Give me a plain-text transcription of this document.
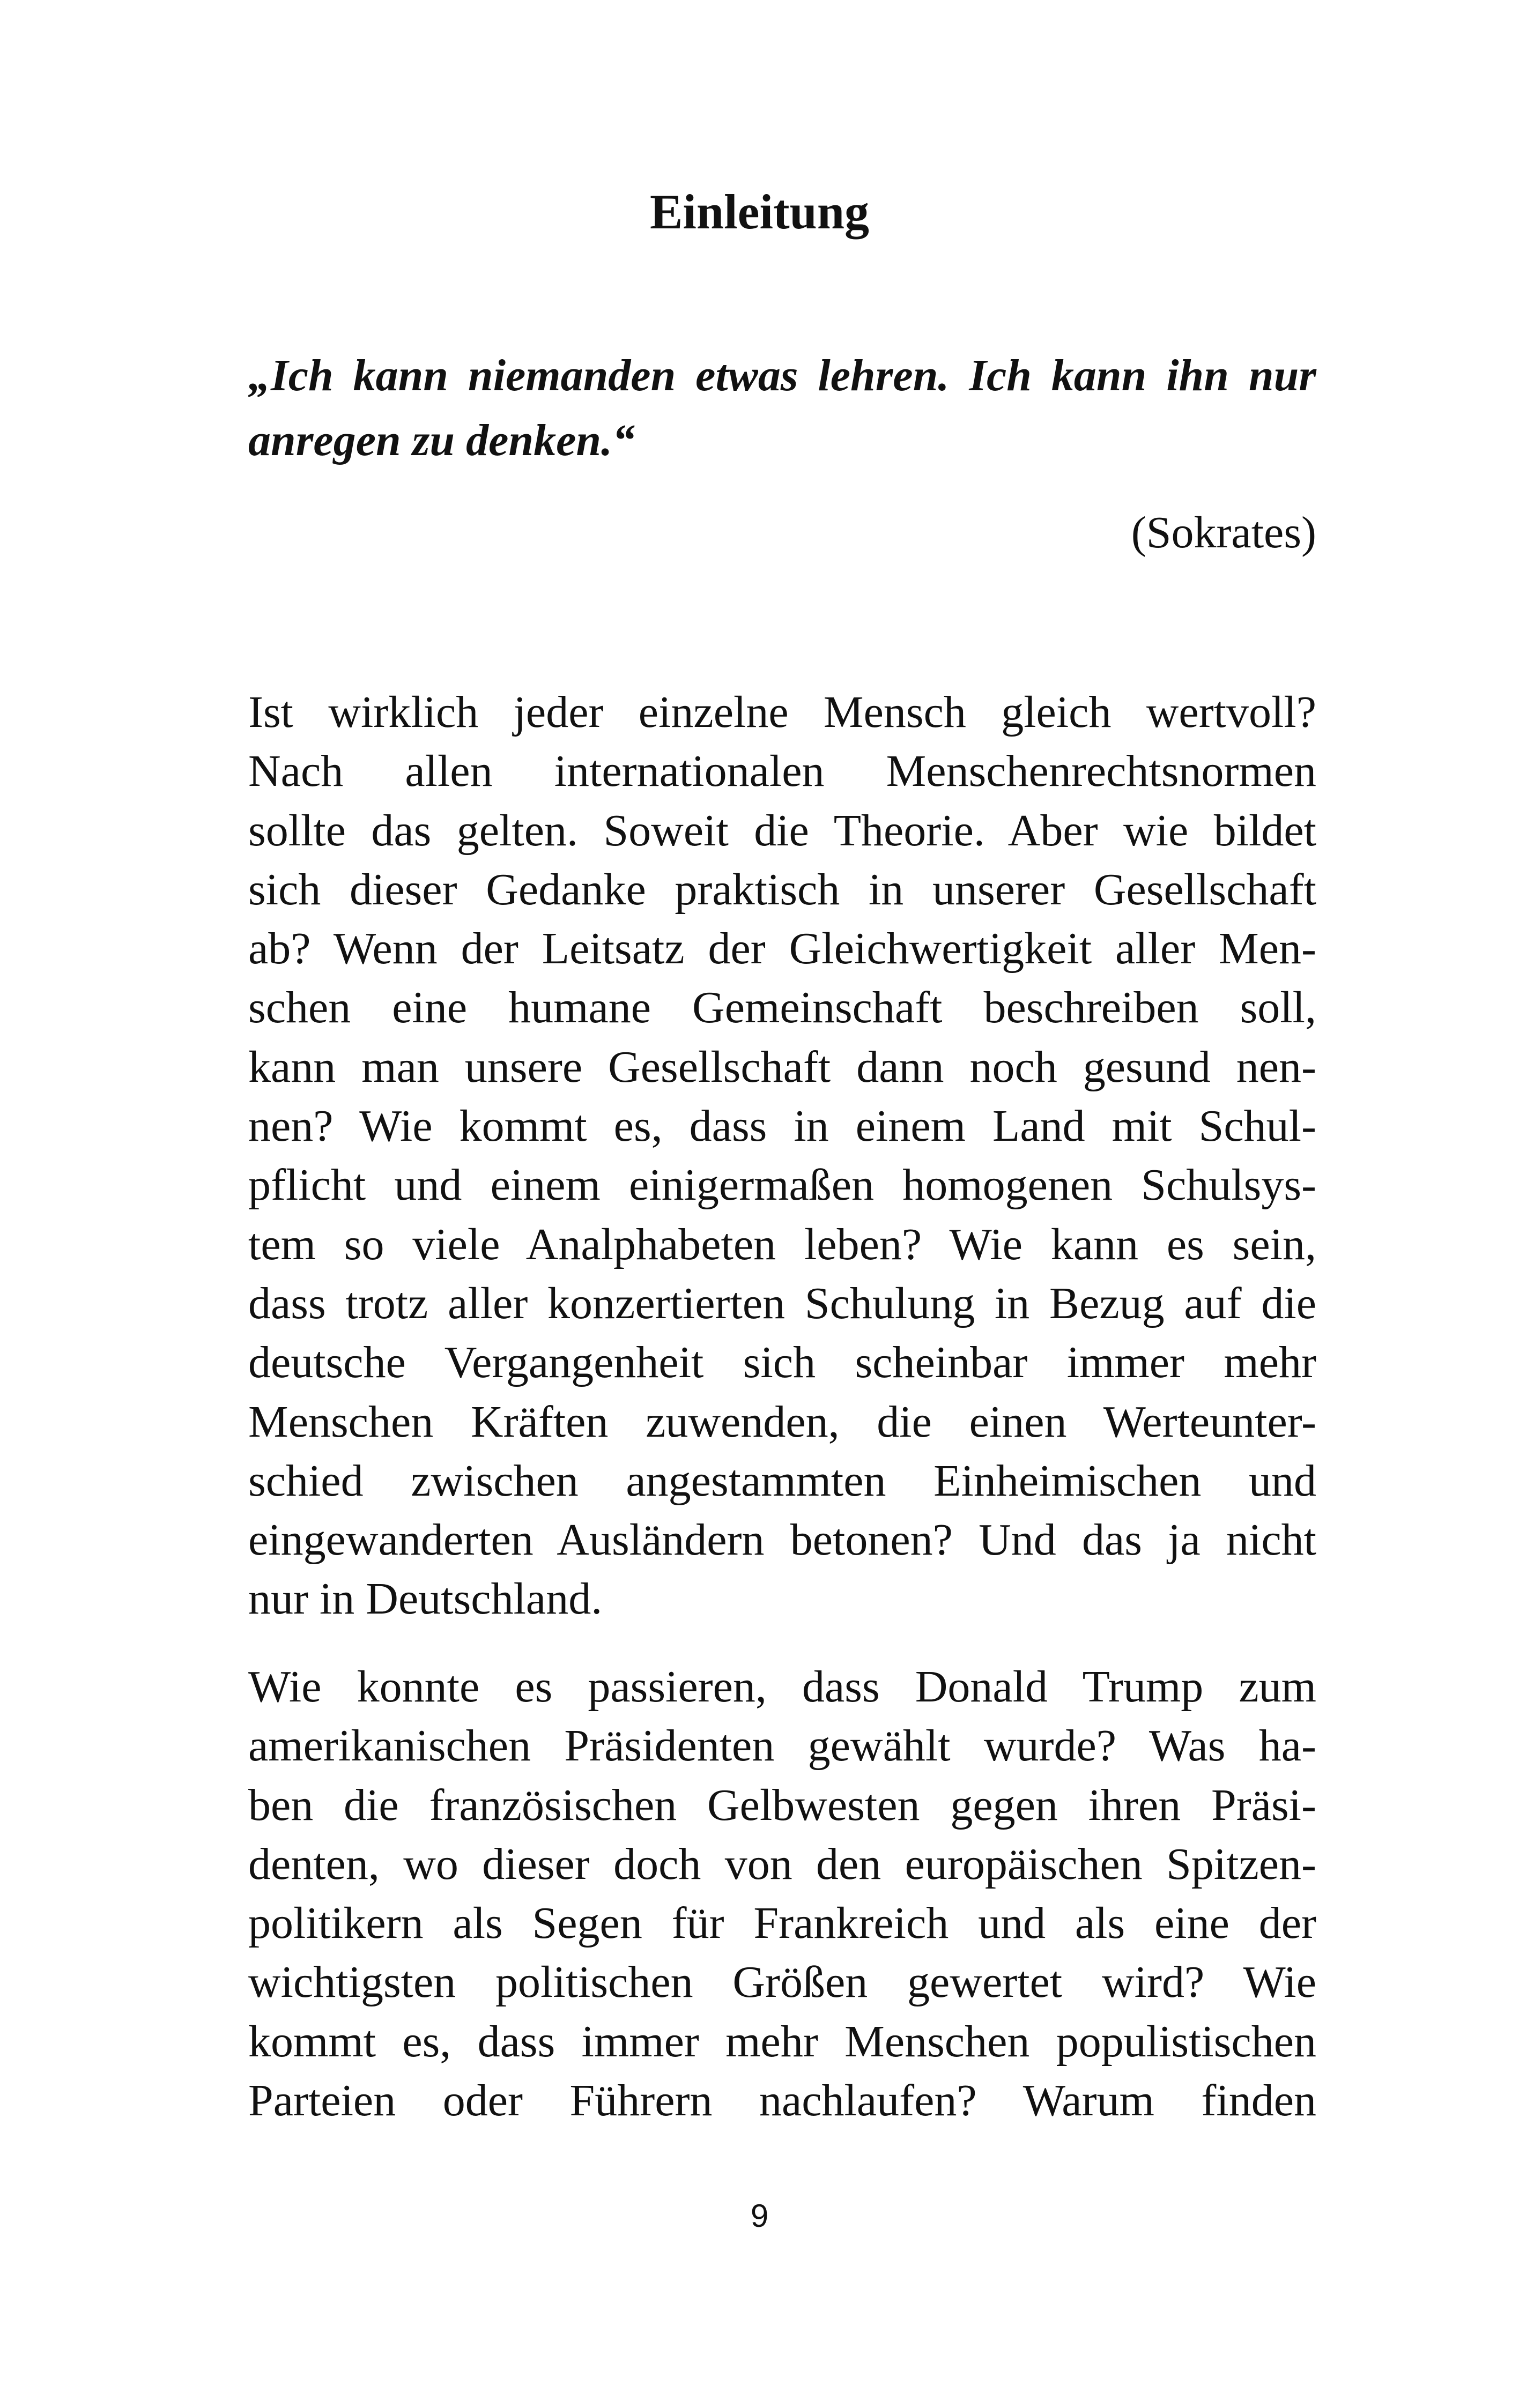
Einleitung
„Ich kann niemanden etwas lehren. Ich kann ihn nur
anregen zu denken.“
(Sokrates)
Ist wirklich jeder einzelne Mensch gleich wertvoll?
Nach allen internationalen Menschenrechtsnormen
sollte das gelten. Soweit die Theorie. Aber wie bildet
sich dieser Gedanke praktisch in unserer Gesellschaft
ab? Wenn der Leitsatz der Gleichwertigkeit aller Men-
schen eine humane Gemeinschaft beschreiben soll,
kann man unsere Gesellschaft dann noch gesund nen-
nen? Wie kommt es, dass in einem Land mit Schul-
pflicht und einem einigermaßen homogenen Schulsys-
tem so viele Analphabeten leben? Wie kann es sein,
dass trotz aller konzertierten Schulung in Bezug auf die
deutsche Vergangenheit sich scheinbar immer mehr
Menschen Kräften zuwenden, die einen Werteunter-
schied zwischen angestammten Einheimischen und
eingewanderten Ausländern betonen? Und das ja nicht
nur in Deutschland.
Wie konnte es passieren, dass Donald Trump zum
amerikanischen Präsidenten gewählt wurde? Was ha-
ben die französischen Gelbwesten gegen ihren Präsi-
denten, wo dieser doch von den europäischen Spitzen-
politikern als Segen für Frankreich und als eine der
wichtigsten politischen Größen gewertet wird? Wie
kommt es, dass immer mehr Menschen populistischen
Parteien oder Führern nachlaufen? Warum finden
9
